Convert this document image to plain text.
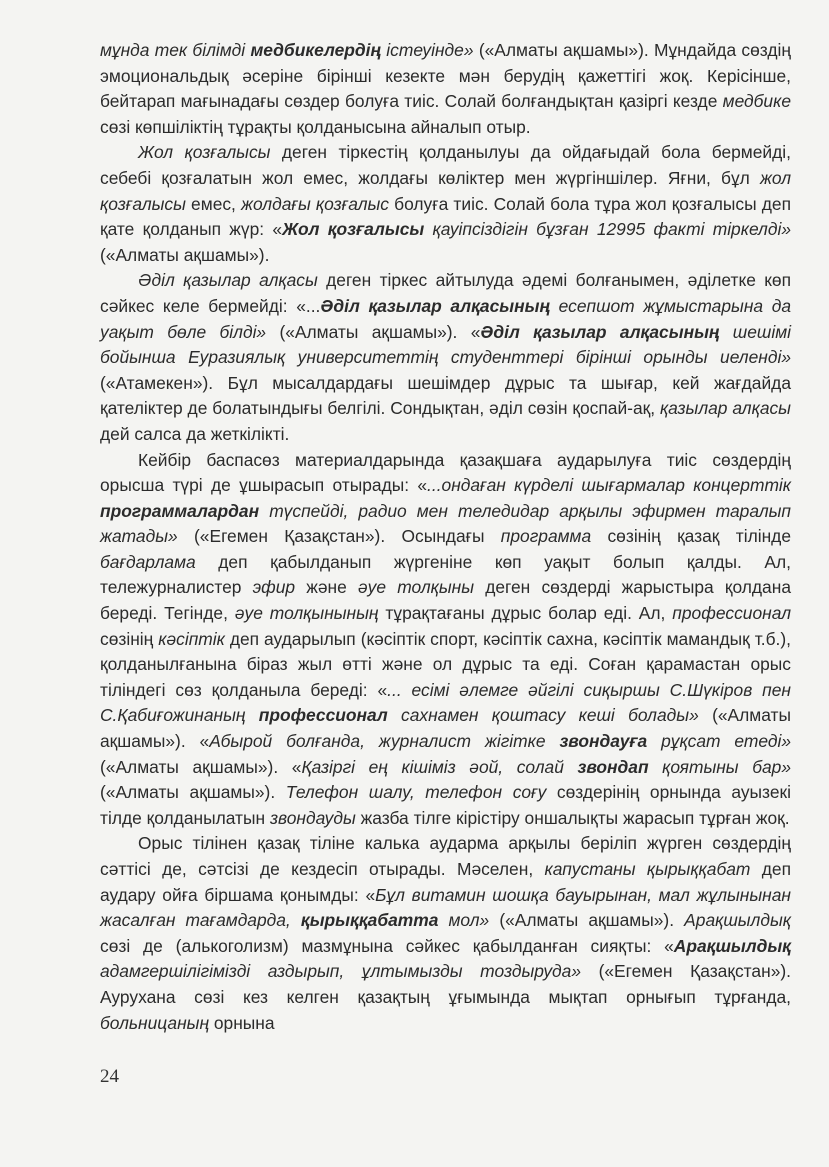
мұнда тек білімді медбикелердің істеуінде» («Алматы ақшамы»). Мұндайда сөздің эмоциональдық әсеріне бірінші кезекте мән берудің қажеттігі жоқ. Керісінше, бейтарап мағынадағы сөздер болуға тиіс. Солай болғандықтан қазіргі кезде медбике сөзі көпшіліктің тұрақты қолданысына айналып отыр.

Жол қозғалысы деген тіркестің қолданылуы да ойдағыдай бола бермейді, себебі қозғалатын жол емес, жолдағы көліктер мен жүргіншілер. Яғни, бұл жол қозғалысы емес, жолдағы қозғалыс болуға тиіс. Солай бола тұра жол қозғалысы деп қате қолданып жүр: «Жол қозғалысы қауіпсіздігін бұзған 12995 факті тіркелді» («Алматы ақшамы»).

Әділ қазылар алқасы деген тіркес айтылуда әдемі болғанымен, әдiлетке көп сәйкес келе бермейді: «...Әділ қазылар алқасының есепшот жұмыстарына да уақыт бөле білді» («Алматы ақшамы»). «Әділ қазылар алқасының шешімі бойынша Еуразиялық университеттің студенттері бірінші орынды иеленді» («Атамекен»). Бұл мысалдардағы шешімдер дұрыс та шығар, кей жағдайда қателіктер де болатындығы белгілі. Сондықтан, әділ сөзін қоспай-ақ, қазылар алқасы дей салса да жеткілікті.

Кейбір баспасөз материалдарында қазақшаға аударылуға тиіс сөздердің орысша түрі де ұшырасып отырады: «...ондаған күрделі шығармалар концерттік программалардан түспейді, радио мен теледидар арқылы эфирмен таралып жатады» («Егемен Қазақстан»). Осындағы программа сөзінің қазақ тілінде бағдарлама деп қабылданып жүргеніне көп уақыт болып қалды. Ал, тележурналистер эфир және әуе толқыны деген сөздерді жарыстыра қолдана береді. Тегінде, әуе толқынының тұрақтағаны дұрыс болар еді. Ал, профессионал сөзінің кәсіптік деп аударылып (кәсіптік спорт, кәсіптік сахна, кәсіптік мамандық т.б.), қолданылғанына біраз жыл өтті және ол дұрыс та еді. Соған қарамастан орыс тіліндегі сөз қолданыла береді: «... есімі әлемге әйгілі сиқыршы С.Шүкіров пен С.Қабиғожинаның профессионал сахнамен қоштасу кеші болады» («Алматы ақшамы»). «Абырой болғанда, журналист жігітке звондауға рұқсат етеді» («Алматы ақшамы»). «Қазіргі ең кішіміз әой, солай звондап қоятыны бар» («Алматы ақшамы»). Телефон шалу, телефон соғу сөздерінің орнында ауызекі тілде қолданылатын звондауды жазба тілге кірістіру оншалықты жарасып тұрған жоқ.

Орыс тілінен қазақ тіліне калька аударма арқылы беріліп жүрген сөздердің сәттісі де, сәтсізі де кездесіп отырады. Мәселен, капустаны қырыққабат деп аудару ойға біршама қонымды: «Бұл витамин шошқа бауырынан, мал жұлынынан жасалған тағамдарда, қырыққабатта мол» («Алматы ақшамы»). Арақшылдық сөзі де (алькоголизм) мазмұнына сәйкес қабылданған сияқты: «Арақшылдық адамгершілігімізді аздырып, ұлтымызды тоздыруда» («Егемен Қазақстан»). Аурухана сөзі кез келген қазақтың ұғымында мықтап орнығып тұрғанда, больницаның орнына

24
